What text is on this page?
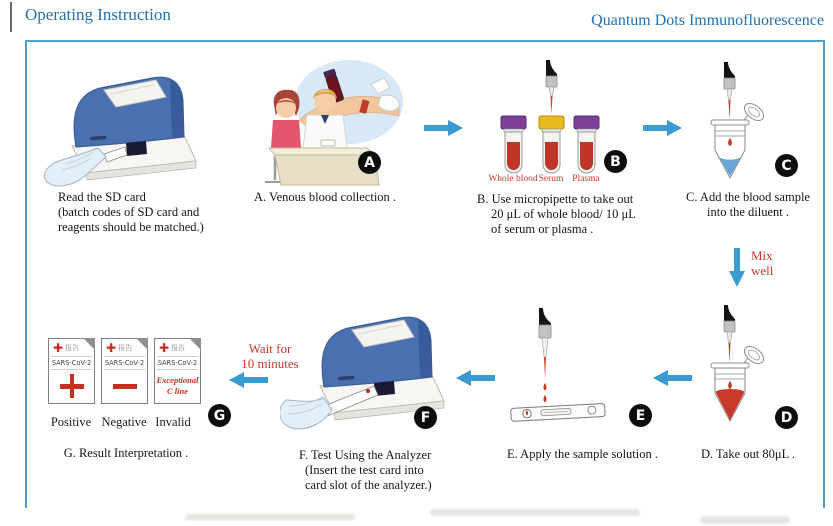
Operating Instruction	Quantum Dots Immunofluorescence
Read the SD card
(batch codes of SD card and
reagents should be matched.)
A
A. Venous blood collection .
Whole blood Serum Plasma
B
B. Use micropipette to take out
20 μL of whole blood/ 10 μL
of serum or plasma .
C
C. Add the blood sample
into the diluent .
Mix
well
D
D. Take out 80μL .
E
E. Apply the sample solution .
F
F. Test Using the Analyzer
(Insert the test card into
card slot of the analyzer.)
Wait for
10 minutes
✚ 报告
SARS-CoV-2
✚ 报告
SARS-CoV-2
✚ 报告
SARS-CoV-2
Exceptional
C line
Positive Negative Invalid	G
G. Result Interpretation .
